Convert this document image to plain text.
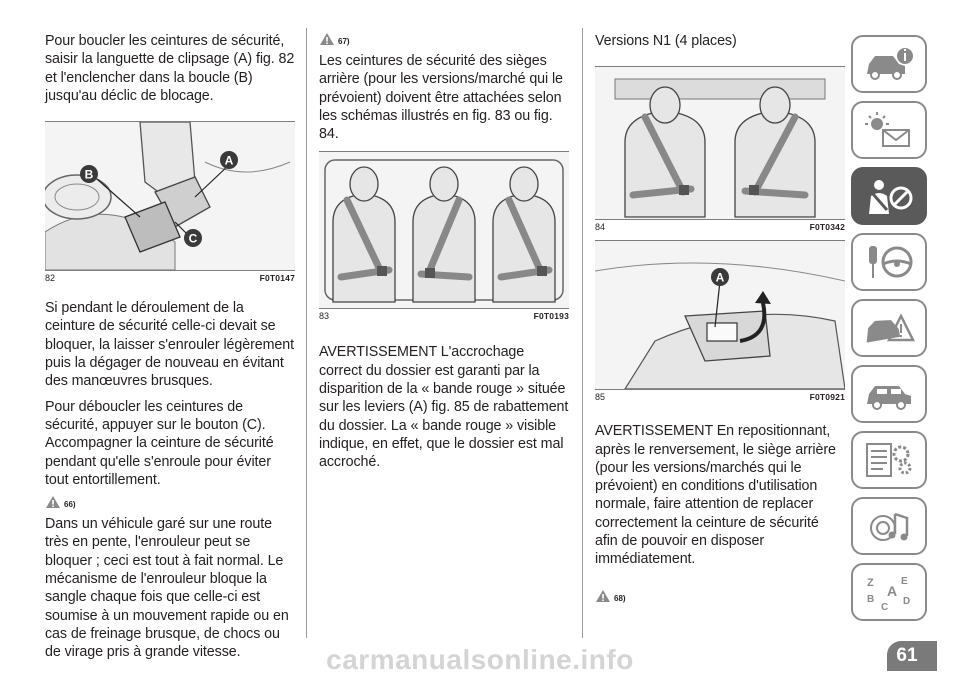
Pour boucler les ceintures de sécurité, saisir la languette de clipsage (A) fig. 82 et l'enclencher dans la boucle (B) jusqu'au déclic de blocage.

A
B
C
82	F0T0147

Si pendant le déroulement de la ceinture de sécurité celle-ci devait se bloquer, la laisser s'enrouler légèrement puis la dégager de nouveau en évitant des manœuvres brusques.

Pour déboucler les ceintures de sécurité, appuyer sur le bouton (C). Accompagner la ceinture de sécurité pendant qu'elle s'enroule pour éviter tout entortillement.

66)

Dans un véhicule garé sur une route très en pente, l'enrouleur peut se bloquer ; ceci est tout à fait normal. Le mécanisme de l'enrouleur bloque la sangle chaque fois que celle-ci est soumise à un mouvement rapide ou en cas de freinage brusque, de chocs ou de virage pris à grande vitesse.

67)

Les ceintures de sécurité des sièges arrière (pour les versions/marché qui le prévoient) doivent être attachées selon les schémas illustrés en fig. 83 ou fig. 84.

83	F0T0193

AVERTISSEMENT L'accrochage correct du dossier est garanti par la disparition de la « bande rouge » située sur les leviers (A) fig. 85 de rabattement du dossier. La « bande rouge » visible indique, en effet, que le dossier est mal accroché.

Versions N1 (4 places)

84	F0T0342
A
85	F0T0921

AVERTISSEMENT En repositionnant, après le renversement, le siège arrière (pour les versions/marchés qui le prévoient) en conditions d'utilisation normale, faire attention de replacer correctement la ceinture de sécurité afin de pouvoir en disposer immédiatement.

68)
Z	E
A
B	D
C
carmanualsonline.info	61
